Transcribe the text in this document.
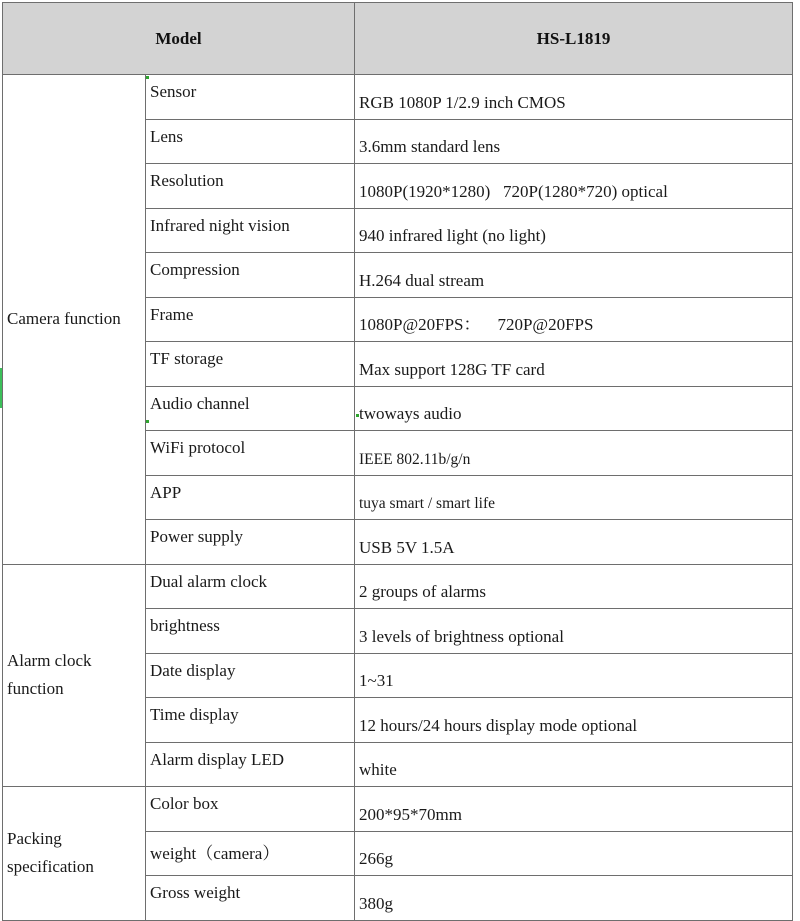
Model		HS-L1819
Camera function	Sensor	RGB 1080P 1/2.9 inch CMOS
	Lens	3.6mm standard lens
	Resolution	1080P(1920*1280)   720P(1280*720) optical
	Infrared night vision	940 infrared light (no light)
	Compression	H.264 dual stream
	Frame	1080P@20FPS：    720P@20FPS
	TF storage	Max support 128G TF card
	Audio channel	twoways audio
	WiFi protocol	IEEE 802.11b/g/n
	APP	tuya smart / smart life
	Power supply	USB 5V 1.5A
Alarm clock function	Dual alarm clock	2 groups of alarms
	brightness	3 levels of brightness optional
	Date display	1~31
	Time display	12 hours/24 hours display mode optional
	Alarm display LED	white
Packing specification	Color box	200*95*70mm
	weight（camera）	266g
	Gross weight	380g
